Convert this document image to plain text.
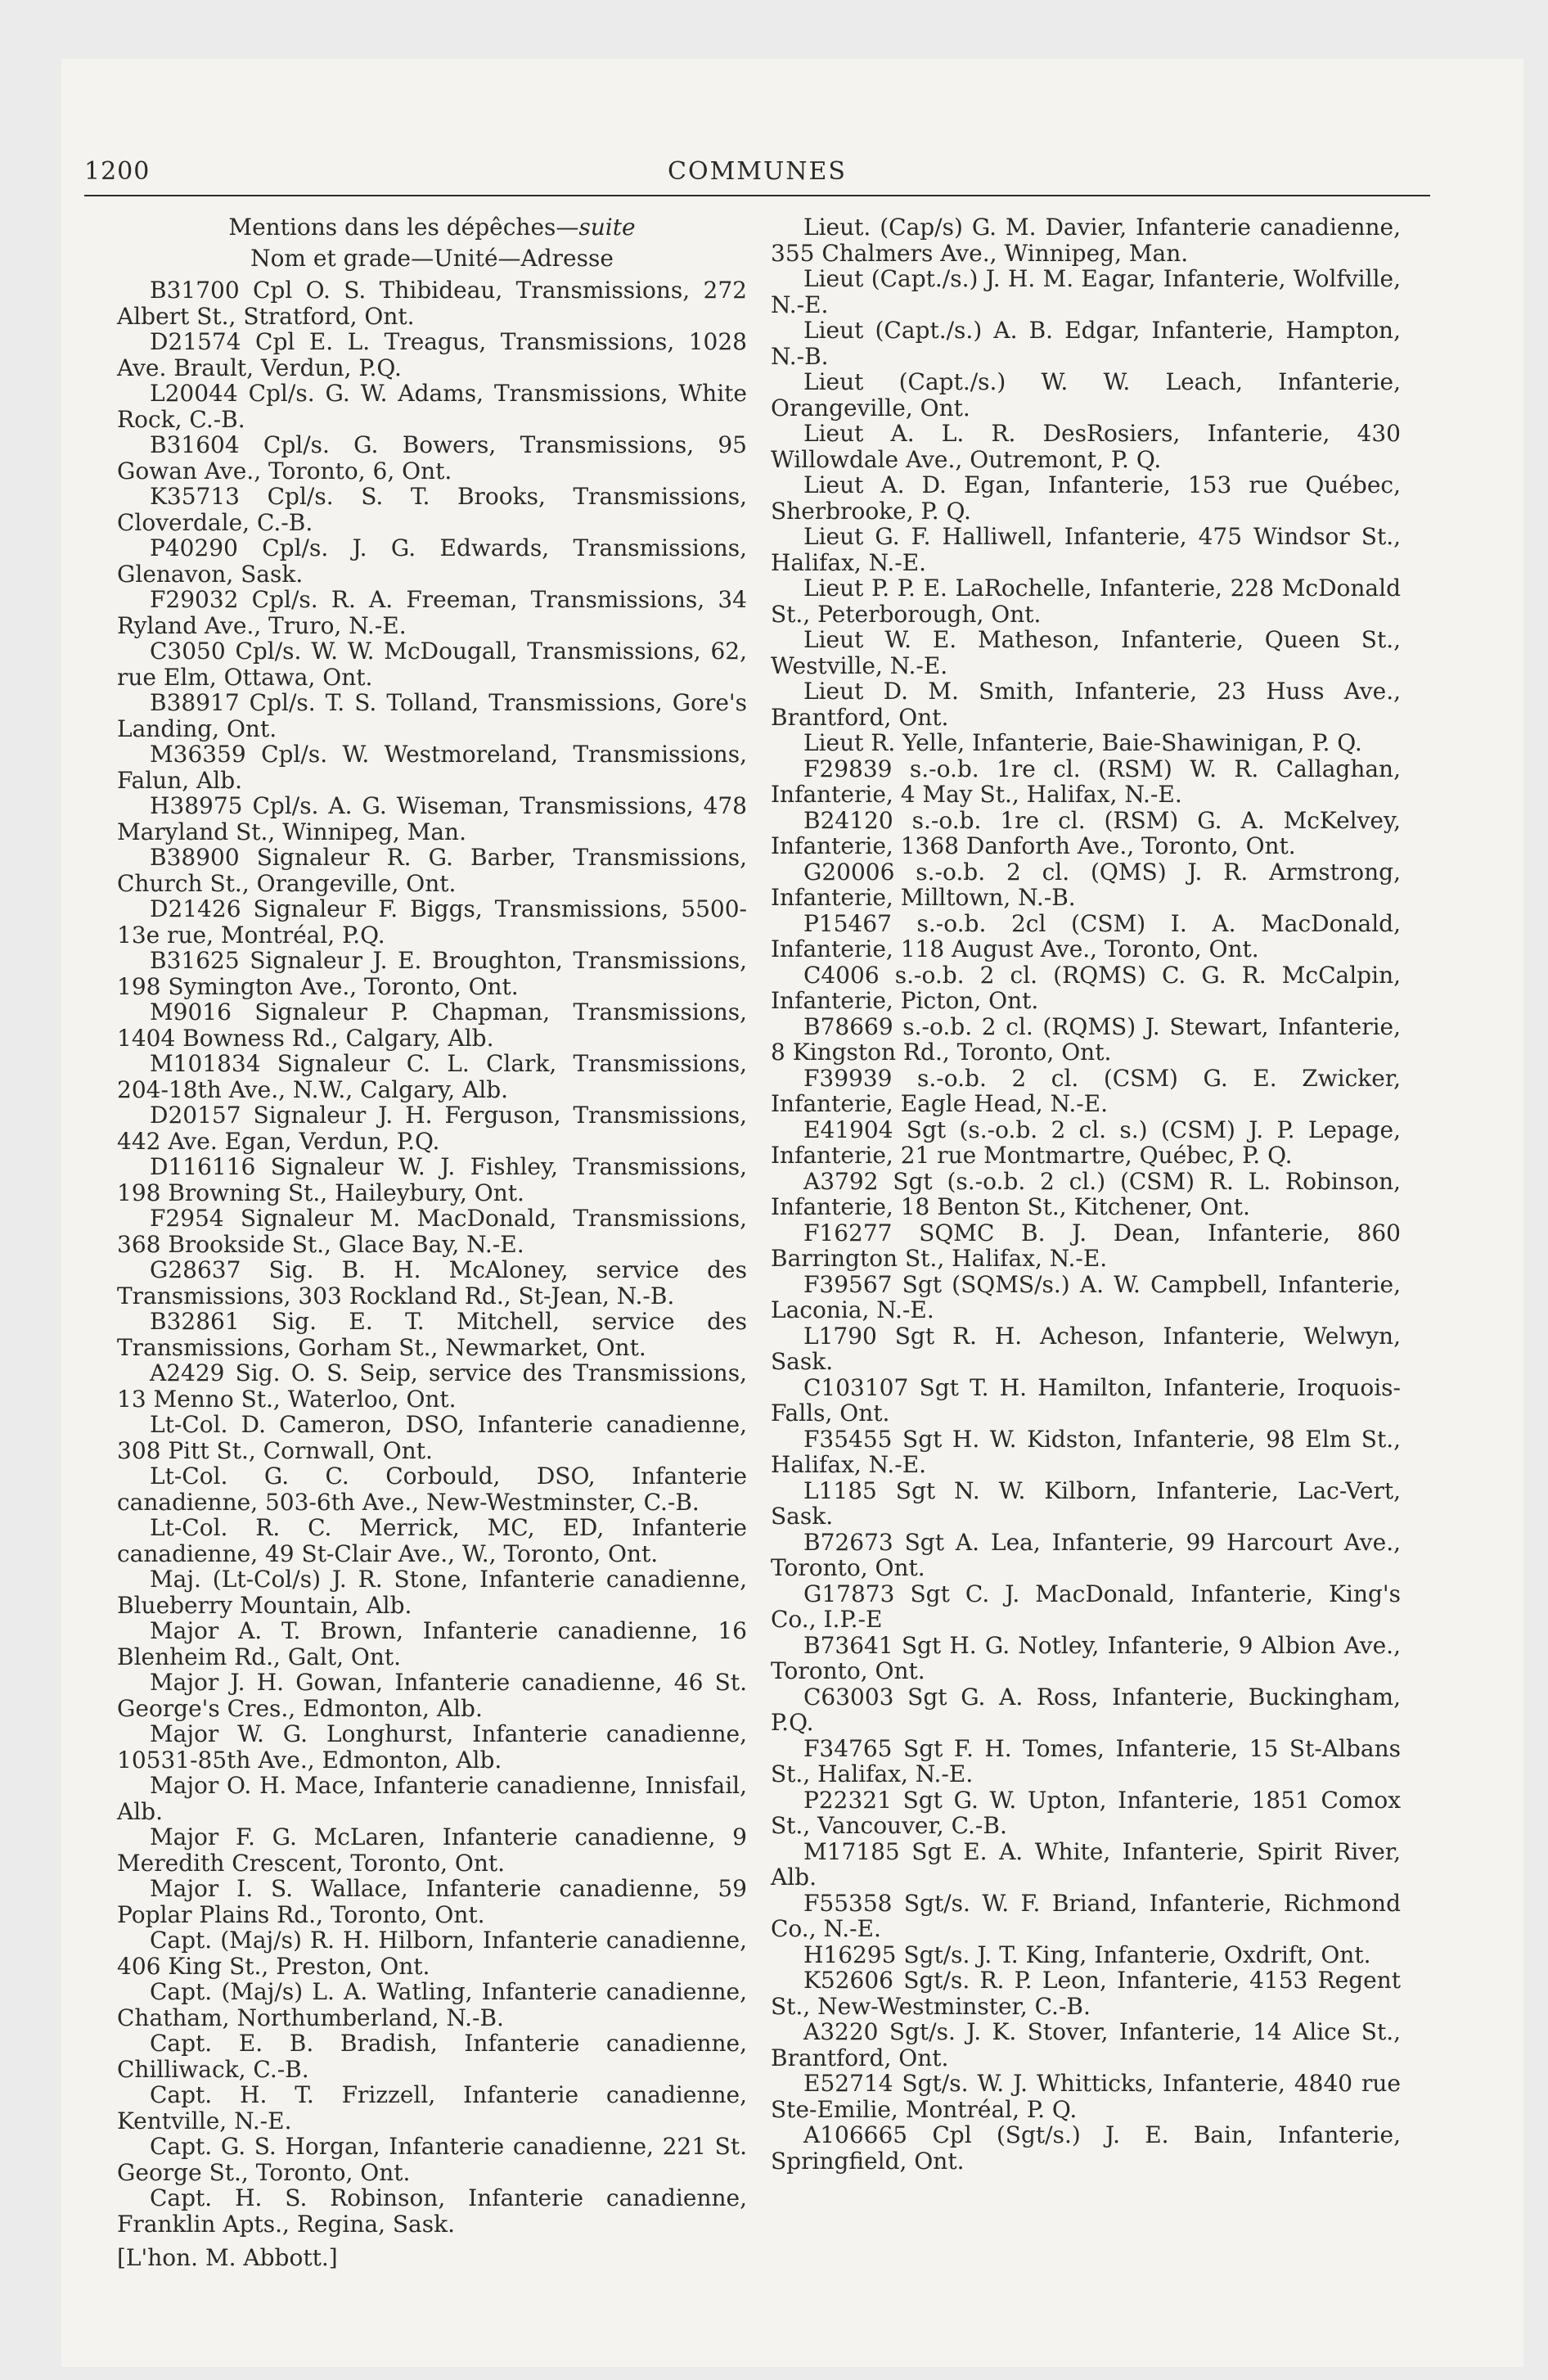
1200	COMMUNES
Mentions dans les dépêches—suite
Nom et grade—Unité—Adresse
B31700 Cpl O. S. Thibideau, Transmissions, 272 Albert St., Stratford, Ont.
D21574 Cpl E. L. Treagus, Transmissions, 1028 Ave. Brault, Verdun, P.Q.
L20044 Cpl/s. G. W. Adams, Transmissions, White Rock, C.-B.
B31604 Cpl/s. G. Bowers, Transmissions, 95 Gowan Ave., Toronto, 6, Ont.
K35713 Cpl/s. S. T. Brooks, Transmissions, Cloverdale, C.-B.
P40290 Cpl/s. J. G. Edwards, Transmissions, Glenavon, Sask.
F29032 Cpl/s. R. A. Freeman, Transmissions, 34 Ryland Ave., Truro, N.-E.
C3050 Cpl/s. W. W. McDougall, Transmissions, 62, rue Elm, Ottawa, Ont.
B38917 Cpl/s. T. S. Tolland, Transmissions, Gore's Landing, Ont.
M36359 Cpl/s. W. Westmoreland, Transmissions, Falun, Alb.
H38975 Cpl/s. A. G. Wiseman, Transmissions, 478 Maryland St., Winnipeg, Man.
B38900 Signaleur R. G. Barber, Transmissions, Church St., Orangeville, Ont.
D21426 Signaleur F. Biggs, Transmissions, 5500-13e rue, Montréal, P.Q.
B31625 Signaleur J. E. Broughton, Transmissions, 198 Symington Ave., Toronto, Ont.
M9016 Signaleur P. Chapman, Transmissions, 1404 Bowness Rd., Calgary, Alb.
M101834 Signaleur C. L. Clark, Transmissions, 204-18th Ave., N.W., Calgary, Alb.
D20157 Signaleur J. H. Ferguson, Transmissions, 442 Ave. Egan, Verdun, P.Q.
D116116 Signaleur W. J. Fishley, Transmissions, 198 Browning St., Haileybury, Ont.
F2954 Signaleur M. MacDonald, Transmissions, 368 Brookside St., Glace Bay, N.-E.
G28637 Sig. B. H. McAloney, service des Transmissions, 303 Rockland Rd., St-Jean, N.-B.
B32861 Sig. E. T. Mitchell, service des Transmissions, Gorham St., Newmarket, Ont.
A2429 Sig. O. S. Seip, service des Transmissions, 13 Menno St., Waterloo, Ont.
Lt-Col. D. Cameron, DSO, Infanterie canadienne, 308 Pitt St., Cornwall, Ont.
Lt-Col. G. C. Corbould, DSO, Infanterie canadienne, 503-6th Ave., New-Westminster, C.-B.
Lt-Col. R. C. Merrick, MC, ED, Infanterie canadienne, 49 St-Clair Ave., W., Toronto, Ont.
Maj. (Lt-Col/s) J. R. Stone, Infanterie canadienne, Blueberry Mountain, Alb.
Major A. T. Brown, Infanterie canadienne, 16 Blenheim Rd., Galt, Ont.
Major J. H. Gowan, Infanterie canadienne, 46 St. George's Cres., Edmonton, Alb.
Major W. G. Longhurst, Infanterie canadienne, 10531-85th Ave., Edmonton, Alb.
Major O. H. Mace, Infanterie canadienne, Innisfail, Alb.
Major F. G. McLaren, Infanterie canadienne, 9 Meredith Crescent, Toronto, Ont.
Major I. S. Wallace, Infanterie canadienne, 59 Poplar Plains Rd., Toronto, Ont.
Capt. (Maj/s) R. H. Hilborn, Infanterie canadienne, 406 King St., Preston, Ont.
Capt. (Maj/s) L. A. Watling, Infanterie canadienne, Chatham, Northumberland, N.-B.
Capt. E. B. Bradish, Infanterie canadienne, Chilliwack, C.-B.
Capt. H. T. Frizzell, Infanterie canadienne, Kentville, N.-E.
Capt. G. S. Horgan, Infanterie canadienne, 221 St. George St., Toronto, Ont.
Capt. H. S. Robinson, Infanterie canadienne, Franklin Apts., Regina, Sask.
[L'hon. M. Abbott.]
Lieut. (Cap/s) G. M. Davier, Infanterie canadienne, 355 Chalmers Ave., Winnipeg, Man.
Lieut (Capt./s.) J. H. M. Eagar, Infanterie, Wolfville, N.-E.
Lieut (Capt./s.) A. B. Edgar, Infanterie, Hampton, N.-B.
Lieut (Capt./s.) W. W. Leach, Infanterie, Orangeville, Ont.
Lieut A. L. R. DesRosiers, Infanterie, 430 Willowdale Ave., Outremont, P. Q.
Lieut A. D. Egan, Infanterie, 153 rue Québec, Sherbrooke, P. Q.
Lieut G. F. Halliwell, Infanterie, 475 Windsor St., Halifax, N.-E.
Lieut P. P. E. LaRochelle, Infanterie, 228 McDonald St., Peterborough, Ont.
Lieut W. E. Matheson, Infanterie, Queen St., Westville, N.-E.
Lieut D. M. Smith, Infanterie, 23 Huss Ave., Brantford, Ont.
Lieut R. Yelle, Infanterie, Baie-Shawinigan, P. Q.
F29839 s.-o.b. 1re cl. (RSM) W. R. Callaghan, Infanterie, 4 May St., Halifax, N.-E.
B24120 s.-o.b. 1re cl. (RSM) G. A. McKelvey, Infanterie, 1368 Danforth Ave., Toronto, Ont.
G20006 s.-o.b. 2 cl. (QMS) J. R. Armstrong, Infanterie, Milltown, N.-B.
P15467 s.-o.b. 2cl (CSM) I. A. MacDonald, Infanterie, 118 August Ave., Toronto, Ont.
C4006 s.-o.b. 2 cl. (RQMS) C. G. R. McCalpin, Infanterie, Picton, Ont.
B78669 s.-o.b. 2 cl. (RQMS) J. Stewart, Infanterie, 8 Kingston Rd., Toronto, Ont.
F39939 s.-o.b. 2 cl. (CSM) G. E. Zwicker, Infanterie, Eagle Head, N.-E.
E41904 Sgt (s.-o.b. 2 cl. s.) (CSM) J. P. Lepage, Infanterie, 21 rue Montmartre, Québec, P. Q.
A3792 Sgt (s.-o.b. 2 cl.) (CSM) R. L. Robinson, Infanterie, 18 Benton St., Kitchener, Ont.
F16277 SQMC B. J. Dean, Infanterie, 860 Barrington St., Halifax, N.-E.
F39567 Sgt (SQMS/s.) A. W. Campbell, Infanterie, Laconia, N.-E.
L1790 Sgt R. H. Acheson, Infanterie, Welwyn, Sask.
C103107 Sgt T. H. Hamilton, Infanterie, Iroquois-Falls, Ont.
F35455 Sgt H. W. Kidston, Infanterie, 98 Elm St., Halifax, N.-E.
L1185 Sgt N. W. Kilborn, Infanterie, Lac-Vert, Sask.
B72673 Sgt A. Lea, Infanterie, 99 Harcourt Ave., Toronto, Ont.
G17873 Sgt C. J. MacDonald, Infanterie, King's Co., I.P.-E
B73641 Sgt H. G. Notley, Infanterie, 9 Albion Ave., Toronto, Ont.
C63003 Sgt G. A. Ross, Infanterie, Buckingham, P.Q.
F34765 Sgt F. H. Tomes, Infanterie, 15 St-Albans St., Halifax, N.-E.
P22321 Sgt G. W. Upton, Infanterie, 1851 Comox St., Vancouver, C.-B.
M17185 Sgt E. A. White, Infanterie, Spirit River, Alb.
F55358 Sgt/s. W. F. Briand, Infanterie, Richmond Co., N.-E.
H16295 Sgt/s. J. T. King, Infanterie, Oxdrift, Ont.
K52606 Sgt/s. R. P. Leon, Infanterie, 4153 Regent St., New-Westminster, C.-B.
A3220 Sgt/s. J. K. Stover, Infanterie, 14 Alice St., Brantford, Ont.
E52714 Sgt/s. W. J. Whitticks, Infanterie, 4840 rue Ste-Emilie, Montréal, P. Q.
A106665 Cpl (Sgt/s.) J. E. Bain, Infanterie, Springfield, Ont.
